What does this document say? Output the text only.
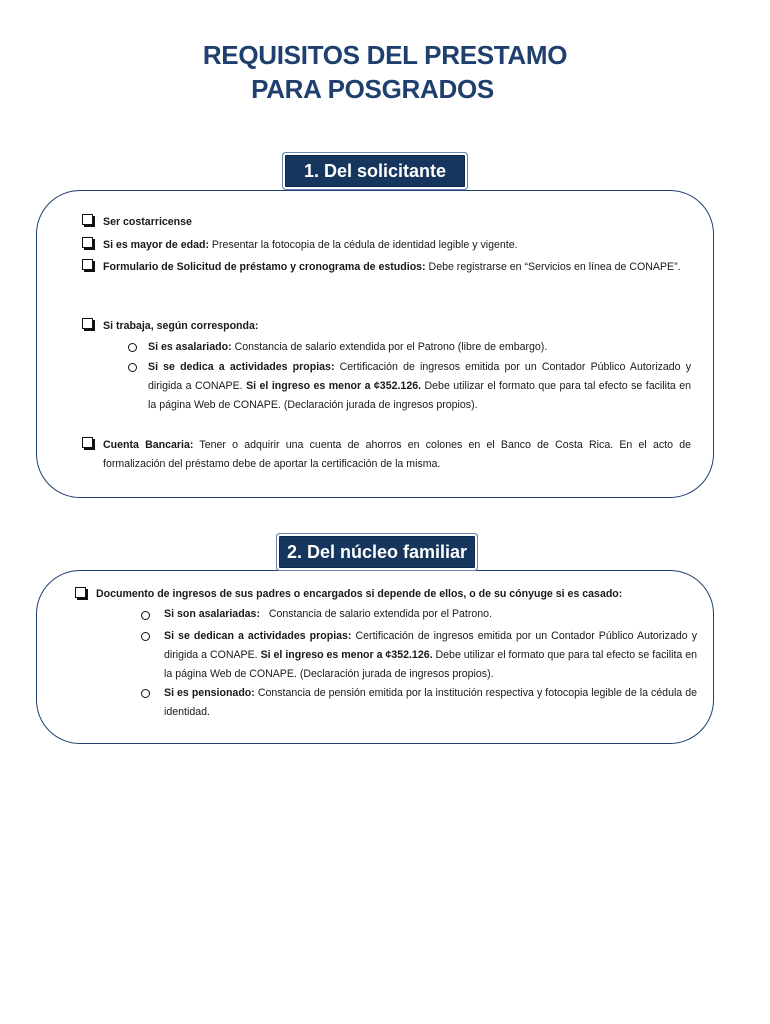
REQUISITOS DEL PRESTAMO
PARA POSGRADOS
1. Del solicitante
Ser costarricense
Si es mayor de edad: Presentar la fotocopia de la cédula de identidad legible y vigente.
Formulario de Solicitud de préstamo y cronograma de estudios: Debe registrarse en “Servicios en línea de CONAPE”.
Si trabaja, según corresponda:
Si es asalariado: Constancia de salario extendida por el Patrono (libre de embargo).
Si se dedica a actividades propias: Certificación de ingresos emitida por un Contador Público Autorizado y dirigida a CONAPE. Si el ingreso es menor a ¢352.126. Debe utilizar el formato que para tal efecto se facilita en la página Web de CONAPE. (Declaración jurada de ingresos propios).
Cuenta Bancaria: Tener o adquirir una cuenta de ahorros en colones en el Banco de Costa Rica. En el acto de formalización del préstamo debe de aportar la certificación de la misma.
2. Del núcleo familiar
Documento de ingresos de sus padres o encargados si depende de ellos, o de su cónyuge si es casado:
Si son asalariadas:   Constancia de salario extendida por el Patrono.
Si se dedican a actividades propias: Certificación de ingresos emitida por un Contador Público Autorizado y dirigida a CONAPE. Si el ingreso es menor a ¢352.126. Debe utilizar el formato que para tal efecto se facilita en la página Web de CONAPE. (Declaración jurada de ingresos propios).
Si es pensionado: Constancia de pensión emitida por la institución respectiva y fotocopia legible de la cédula de identidad.
